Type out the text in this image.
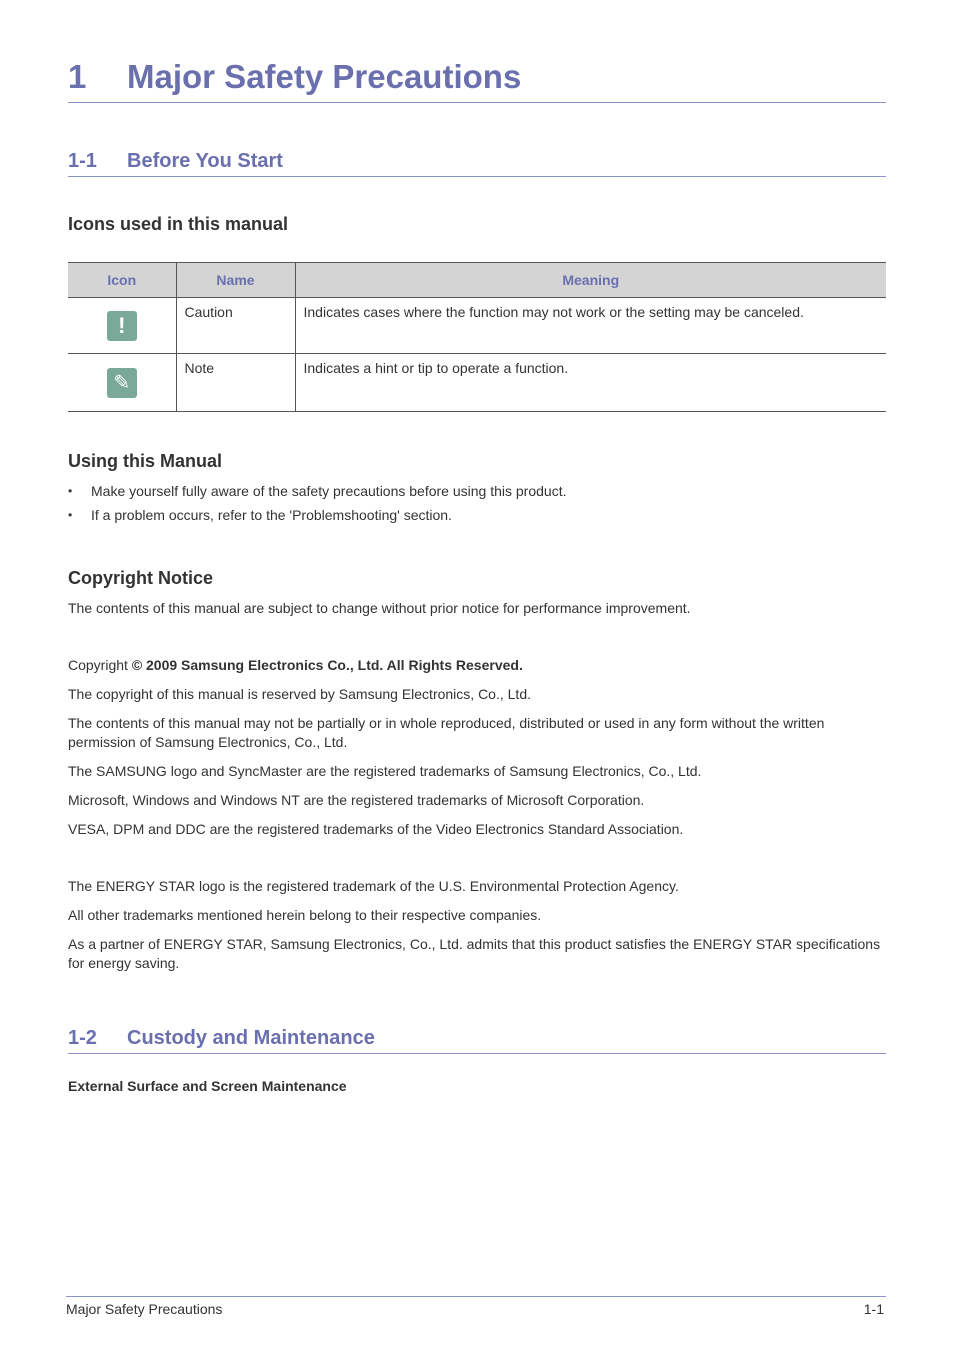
1 Major Safety Precautions
1-1 Before You Start
Icons used in this manual
Icon	Name	Meaning
!	Caution	Indicates cases where the function may not work or the setting may be canceled.
✎	Note	Indicates a hint or tip to operate a function.
Using this Manual
• Make yourself fully aware of the safety precautions before using this product.
• If a problem occurs, refer to the 'Problemshooting' section.
Copyright Notice

The contents of this manual are subject to change without prior notice for performance improvement.

Copyright © 2009 Samsung Electronics Co., Ltd. All Rights Reserved.

The copyright of this manual is reserved by Samsung Electronics, Co., Ltd.

The contents of this manual may not be partially or in whole reproduced, distributed or used in any form without the written permission of Samsung Electronics, Co., Ltd.

The SAMSUNG logo and SyncMaster are the registered trademarks of Samsung Electronics, Co., Ltd.

Microsoft, Windows and Windows NT are the registered trademarks of Microsoft Corporation.

VESA, DPM and DDC are the registered trademarks of the Video Electronics Standard Association.

The ENERGY STAR logo is the registered trademark of the U.S. Environmental Protection Agency.

All other trademarks mentioned herein belong to their respective companies.

As a partner of ENERGY STAR, Samsung Electronics, Co., Ltd. admits that this product satisfies the ENERGY STAR specifications for energy saving.

1-2 Custody and Maintenance
External Surface and Screen Maintenance
Major Safety Precautions	1-1
